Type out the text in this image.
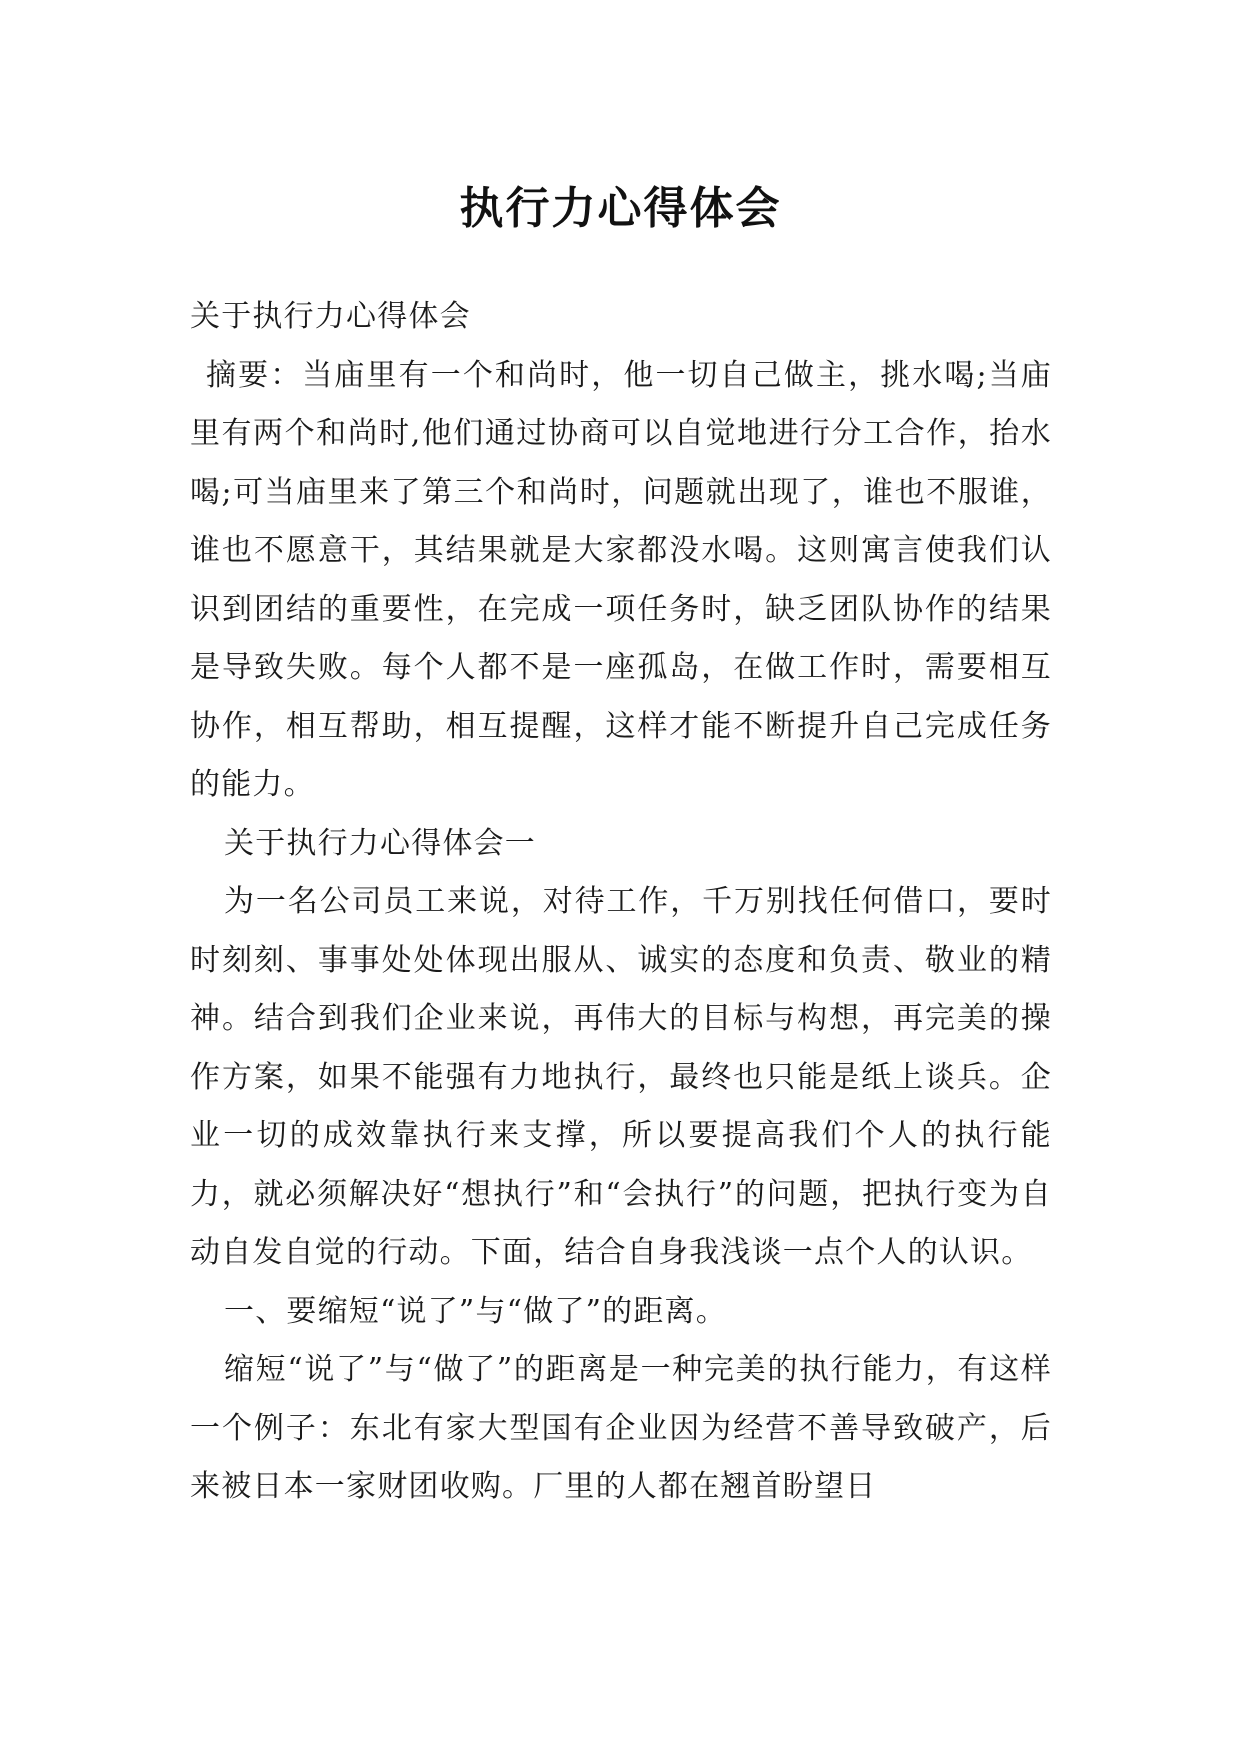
执行力心得体会

关于执行力心得体会

摘要：当庙里有一个和尚时，他一切自己做主，挑水喝;当庙里有两个和尚时,他们通过协商可以自觉地进行分工合作，抬水喝;可当庙里来了第三个和尚时，问题就出现了，谁也不服谁，谁也不愿意干，其结果就是大家都没水喝。这则寓言使我们认识到团结的重要性，在完成一项任务时，缺乏团队协作的结果是导致失败。每个人都不是一座孤岛，在做工作时，需要相互协作，相互帮助，相互提醒，这样才能不断提升自己完成任务的能力。

关于执行力心得体会一

为一名公司员工来说，对待工作，千万别找任何借口，要时时刻刻、事事处处体现出服从、诚实的态度和负责、敬业的精神。结合到我们企业来说，再伟大的目标与构想，再完美的操作方案，如果不能强有力地执行，最终也只能是纸上谈兵。企业一切的成效靠执行来支撑，所以要提高我们个人的执行能力，就必须解决好“想执行”和“会执行”的问题，把执行变为自动自发自觉的行动。下面，结合自身我浅谈一点个人的认识。

一、要缩短“说了”与“做了”的距离。

缩短“说了”与“做了”的距离是一种完美的执行能力，有这样一个例子：东北有家大型国有企业因为经营不善导致破产，后来被日本一家财团收购。厂里的人都在翘首盼望日
